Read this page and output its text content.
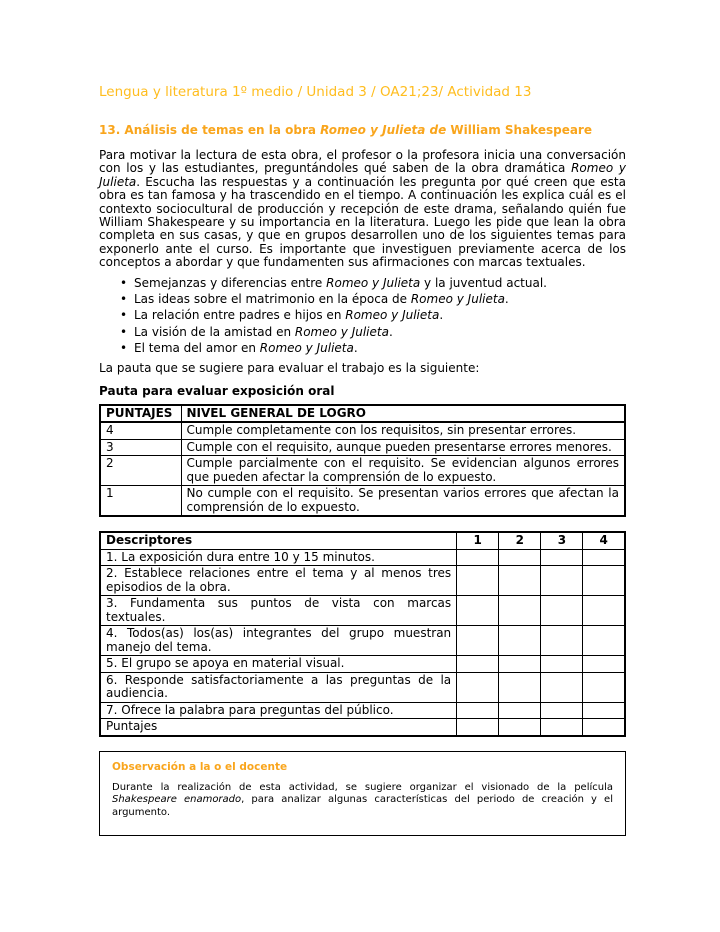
Lengua y literatura 1º medio / Unidad 3 / OA21;23/ Actividad 13
13. Análisis de temas en la obra Romeo y Julieta de William Shakespeare

Para motivar la lectura de esta obra, el profesor o la profesora inicia una conversación con los y las estudiantes, preguntándoles qué saben de la obra dramática Romeo y Julieta. Escucha las respuestas y a continuación les pregunta por qué creen que esta obra es tan famosa y ha trascendido en el tiempo. A continuación les explica cuál es el contexto sociocultural de producción y recepción de este drama, señalando quién fue William Shakespeare y su importancia en la literatura. Luego les pide que lean la obra completa en sus casas, y que en grupos desarrollen uno de los siguientes temas para exponerlo ante el curso. Es importante que investiguen previamente acerca de los conceptos a abordar y que fundamenten sus afirmaciones con marcas textuales.

• Semejanzas y diferencias entre Romeo y Julieta y la juventud actual.
• Las ideas sobre el matrimonio en la época de Romeo y Julieta.
• La relación entre padres e hijos en Romeo y Julieta.
• La visión de la amistad en Romeo y Julieta.
• El tema del amor en Romeo y Julieta.

La pauta que se sugiere para evaluar el trabajo es la siguiente:

Pauta para evaluar exposición oral

PUNTAJES	NIVEL GENERAL DE LOGRO
4	Cumple completamente con los requisitos, sin presentar errores.
3	Cumple con el requisito, aunque pueden presentarse errores menores.
2	Cumple parcialmente con el requisito. Se evidencian algunos errores que pueden afectar la comprensión de lo expuesto.
1	No cumple con el requisito. Se presentan varios errores que afectan la comprensión de lo expuesto.
Descriptores	1	2	3	4
1. La exposición dura entre 10 y 15 minutos.				
2. Establece relaciones entre el tema y al menos tres episodios de la obra.				
3. Fundamenta sus puntos de vista con marcas textuales.				
4. Todos(as) los(as) integrantes del grupo muestran manejo del tema.				
5. El grupo se apoya en material visual.				
6. Responde satisfactoriamente a las preguntas de la audiencia.				
7. Ofrece la palabra para preguntas del público.				
Puntajes				
Observación a la o el docente

Durante la realización de esta actividad, se sugiere organizar el visionado de la película Shakespeare enamorado, para analizar algunas características del periodo de creación y el argumento.
